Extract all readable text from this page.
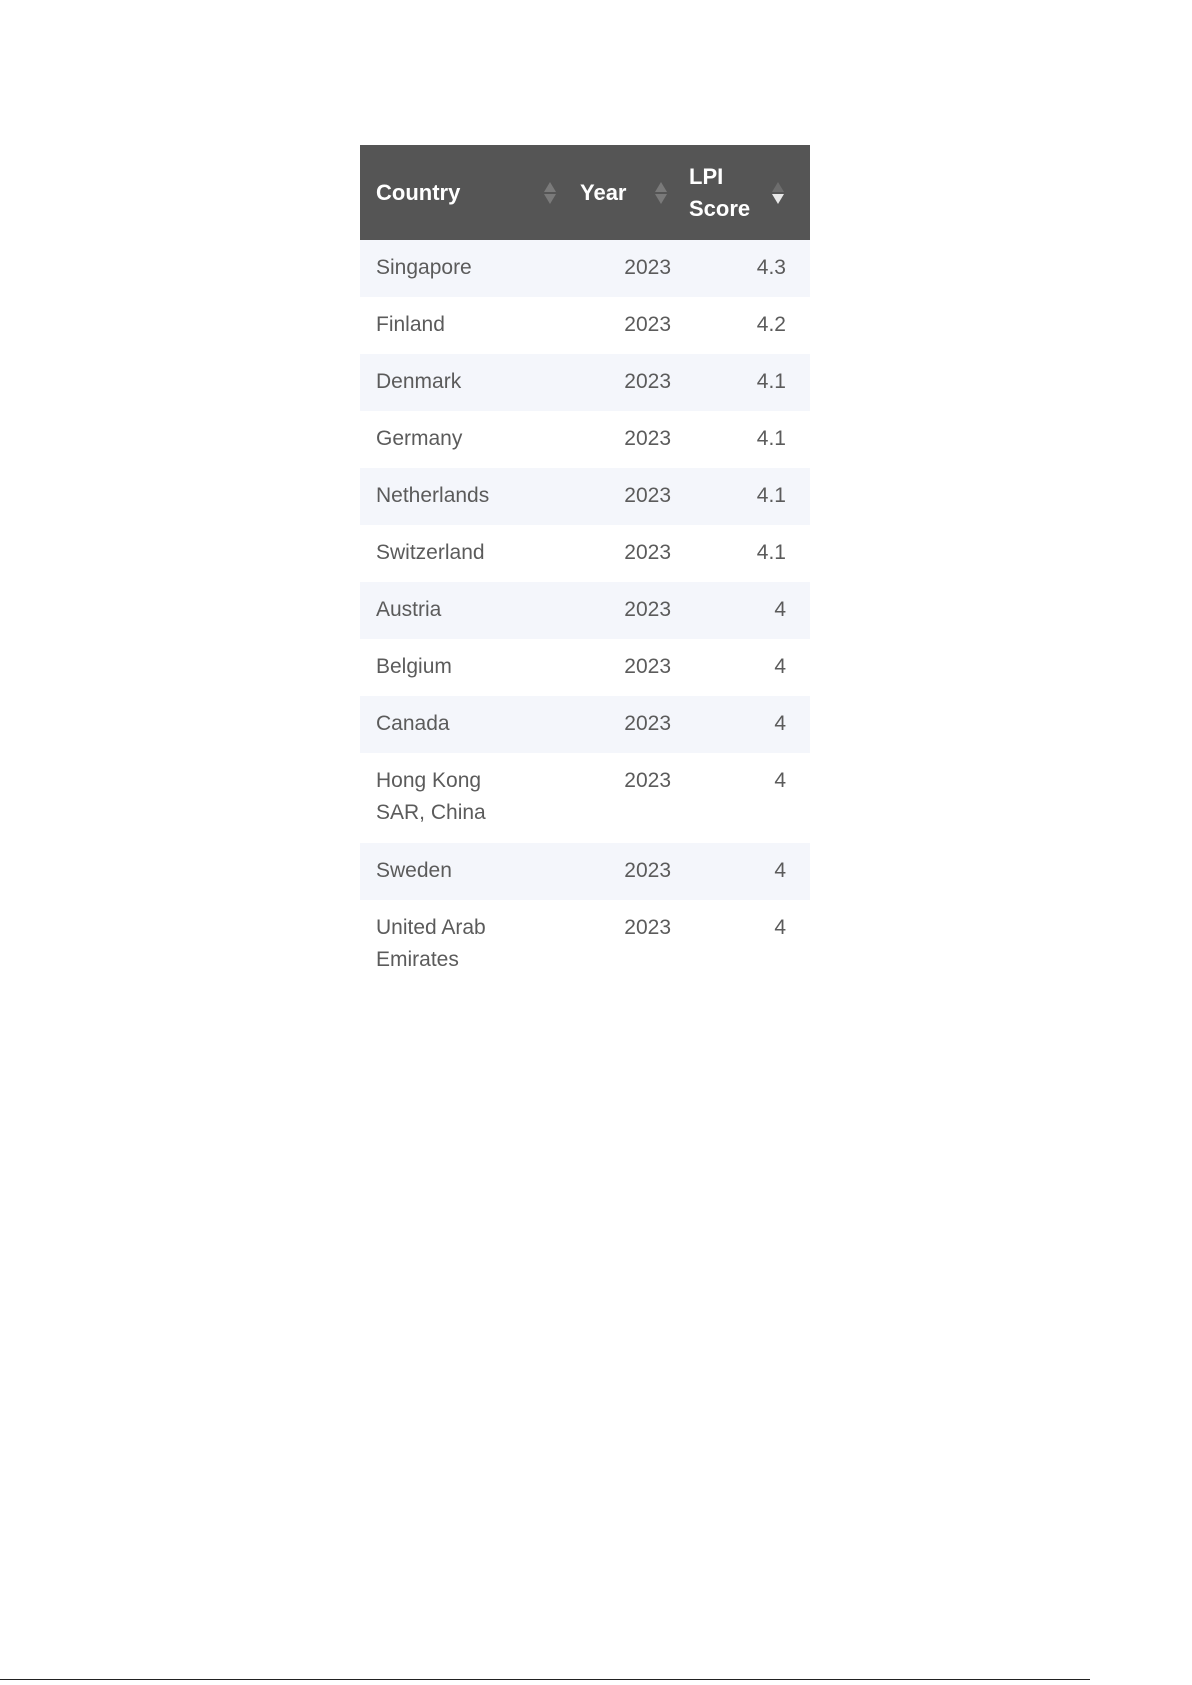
Country	Year	LPI Score

Singapore	2023	4.3

Finland	2023	4.2

Denmark	2023	4.1

Germany	2023	4.1

Netherlands	2023	4.1

Switzerland	2023	4.1

Austria	2023	4

Belgium	2023	4

Canada	2023	4

Hong Kong SAR, China	2023	4

Sweden	2023	4

United Arab Emirates	2023	4
